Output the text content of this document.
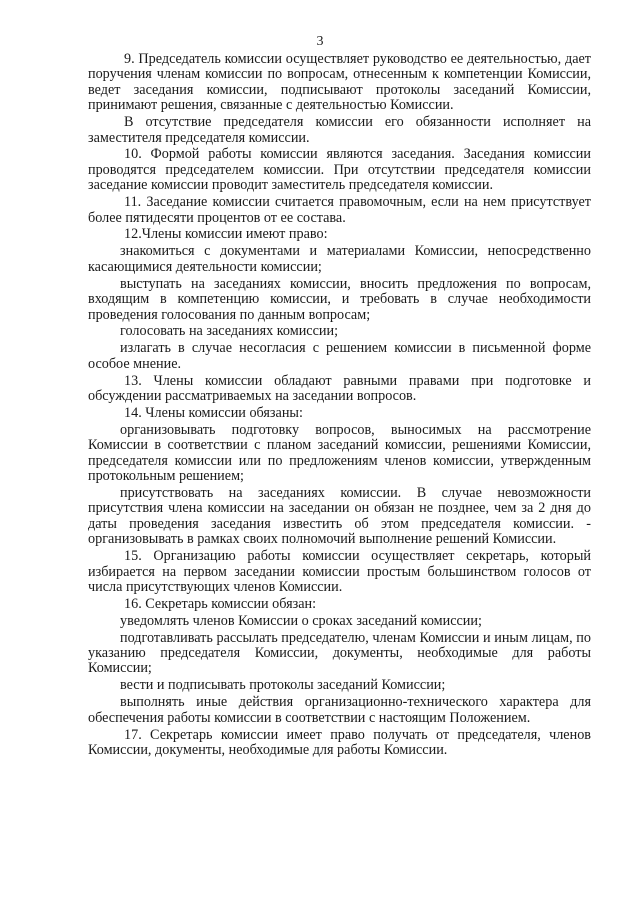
3

9. Председатель комиссии осуществляет руководство ее деятельностью, дает поручения членам комиссии по вопросам, отнесенным к компетенции Комиссии, ведет заседания комиссии, подписывают протоколы заседаний Комиссии, принимают решения, связанные с деятельностью Комиссии.

В отсутствие председателя комиссии его обязанности исполняет на заместителя председателя комиссии.

10. Формой работы комиссии являются заседания. Заседания комиссии проводятся председателем комиссии. При отсутствии председателя комиссии заседание комиссии проводит заместитель председателя комиссии.

11. Заседание комиссии считается правомочным, если на нем присутствует более пятидесяти процентов от ее состава.

12.Члены комиссии имеют право:

знакомиться с документами и материалами Комиссии, непосредственно касающимися деятельности комиссии;

выступать на заседаниях комиссии, вносить предложения по вопросам, входящим в компетенцию комиссии, и требовать в случае необходимости проведения голосования по данным вопросам;

голосовать на заседаниях комиссии;

излагать в случае несогласия с решением комиссии в письменной форме особое мнение.

13. Члены комиссии обладают равными правами при подготовке и обсуждении рассматриваемых на заседании вопросов.

14. Члены комиссии обязаны:

организовывать подготовку вопросов, выносимых на рассмотрение Комиссии в соответствии с планом заседаний комиссии, решениями Комиссии, председателя комиссии или по предложениям членов комиссии, утвержденным протокольным решением;

присутствовать на заседаниях комиссии. В случае невозможности присутствия члена комиссии на заседании он обязан не позднее, чем за 2 дня до даты проведения заседания известить об этом председателя комиссии. - организовывать в рамках своих полномочий выполнение решений Комиссии.

15. Организацию работы комиссии осуществляет секретарь, который избирается на первом заседании комиссии простым большинством голосов от числа присутствующих членов Комиссии.

16. Секретарь комиссии обязан:

уведомлять членов Комиссии о сроках заседаний комиссии;

подготавливать рассылать председателю, членам Комиссии и иным лицам, по указанию председателя Комиссии, документы, необходимые для работы Комиссии;

вести и подписывать протоколы заседаний Комиссии;

выполнять иные действия организационно-технического характера для обеспечения работы комиссии в соответствии с настоящим Положением.

17. Секретарь комиссии имеет право получать от председателя, членов Комиссии, документы, необходимые для работы Комиссии.
